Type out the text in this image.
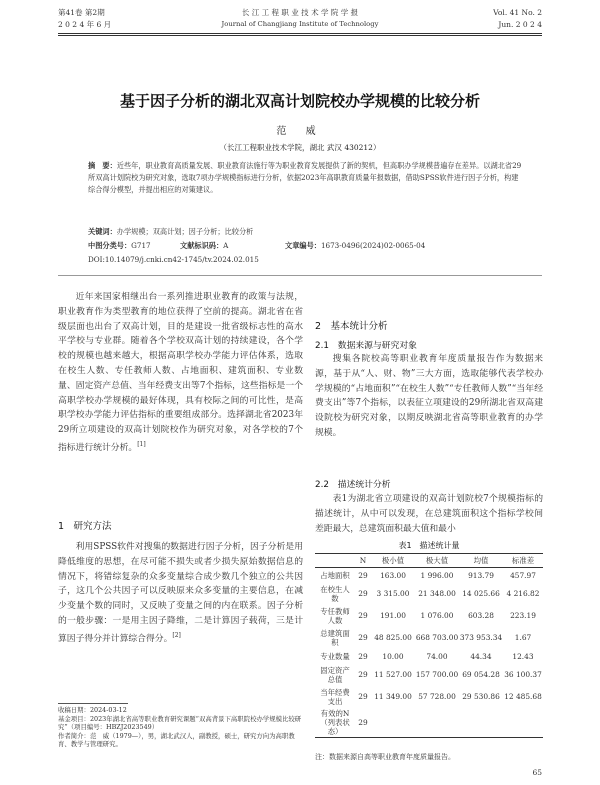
第41卷 第2期
2 0 2 4 年 6 月
长 江 工 程 职 业 技 术 学 院 学 报
Journal of Changjiang Institute of Technology
Vol. 41 No. 2
Jun. 2 0 2 4
基于因子分析的湖北双高计划院校办学规模的比较分析
范 威
（长江工程职业技术学院，湖北 武汉 430212）
摘　要：近些年，职业教育高质量发展、职业教育法施行等为职业教育发展提供了新的契机，但高职办学规模普遍存在差异。以湖北省29所双高计划院校为研究对象，选取7项办学规模指标进行分析，依据2023年高职教育质量年报数据，借助SPSS软件进行因子分析，构建综合得分模型，并提出相应的对策建议。
关键词：办学规模；双高计划；因子分析；比较分析
中图分类号：G717	文献标识码：A	文章编号：1673-0496(2024)02-0065-04
DOI:10.14079/j.cnki.cn42-1745/tv.2024.02.015

近年来国家相继出台一系列推进职业教育的政策与法规，职业教育作为类型教育的地位获得了空前的提高。湖北省在省级层面也出台了双高计划，目的是建设一批省级标志性的高水平学校与专业群。随着各个学校双高计划的持续建设，各个学校的规模也越来越大，根据高职学校办学能力评估体系，选取在校生人数、专任教师人数、占地面积、建筑面积、专业数量、固定资产总值、当年经费支出等7个指标，这些指标是一个高职学校办学规模的最好体现，具有校际之间的可比性，是高职学校办学能力评估指标的重要组成部分。选择湖北省2023年29所立项建设的双高计划院校作为研究对象，对各学校的7个指标进行统计分析。[1]

1　研究方法

利用SPSS软件对搜集的数据进行因子分析，因子分析是用降低维度的思想，在尽可能不损失或者少损失原始数据信息的情况下，将错综复杂的众多变量综合成少数几个独立的公共因子，这几个公共因子可以反映原来众多变量的主要信息，在减少变量个数的同时，又反映了变量之间的内在联系。因子分析的一般步骤：一是用主因子降维，二是计算因子载荷，三是计算因子得分并计算综合得分。[2]

收稿日期：2024-03-12
基金项目：2023年湖北省高等职业教育研究课题“双高背景下高职院校办学规模比较研究”（项目编号：HBZJ2023549）
作者简介：范　威（1979—），男，湖北武汉人，副教授，硕士，研究方向为高职教育、教学与管理研究。
2　基本统计分析
2.1　数据来源与研究对象

搜集各院校高等职业教育年度质量报告作为数据来源，基于从“人、财、物”三大方面，选取能够代表学校办学规模的“占地面积”“在校生人数”“专任教师人数”“当年经费支出”等7个指标，以表征立项建设的29所湖北省双高建设院校为研究对象，以期反映湖北省高等职业教育的办学规模。

2.2　描述统计分析

表1为湖北省立项建设的双高计划院校7个规模指标的描述统计，从中可以发现，在总建筑面积这个指标学校间差距最大，总建筑面积最大值和最小

表1　描述统计量
	N	极小值	极大值	均值	标准差
占地面积	29	163.00	1 996.00	913.79	457.97
在校生人数	29	3 315.00	21 348.00	14 025.66	4 216.82
专任教师人数	29	191.00	1 076.00	603.28	223.19
总建筑面积	29	48 825.00	668 703.00	373 953.34	1.67
专业数量	29	10.00	74.00	44.34	12.43
固定资产总值	29	11 527.00	157 700.00	69 054.28	36 100.37
当年经费支出	29	11 349.00	57 728.00	29 530.86	12 485.68
有效的N（列表状态）	29				
注：数据来源自高等职业教育年度质量报告。
65
